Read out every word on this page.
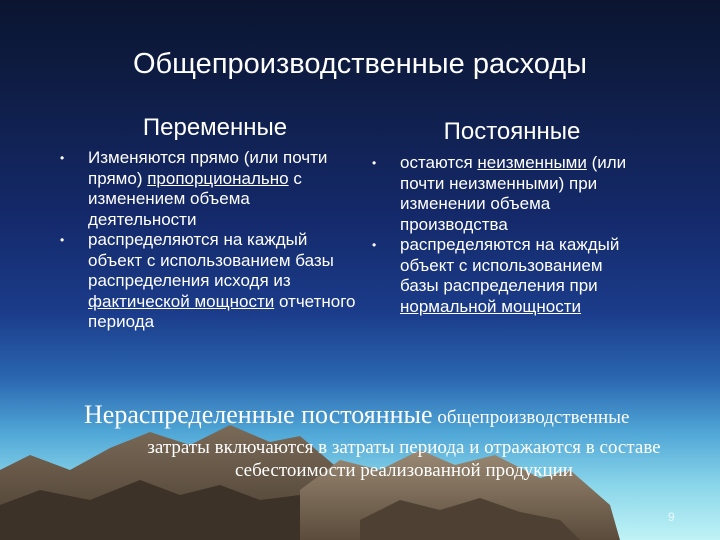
Общепроизводственные расходы
Переменные	Постоянные
• Изменяются прямо (или почти прямо) пропорционально с изменением объема деятельности
• распределяются на каждый объект с использованием базы распределения исходя из фактической мощности отчетного периода
• остаются неизменными (или почти неизменными) при изменении объема производства
• распределяются на каждый объект с использованием базы распределения при нормальной мощности
Нераспределенные постоянные общепроизводственные
затраты включаются в затраты периода и отражаются в составе себестоимости реализованной продукции
9
